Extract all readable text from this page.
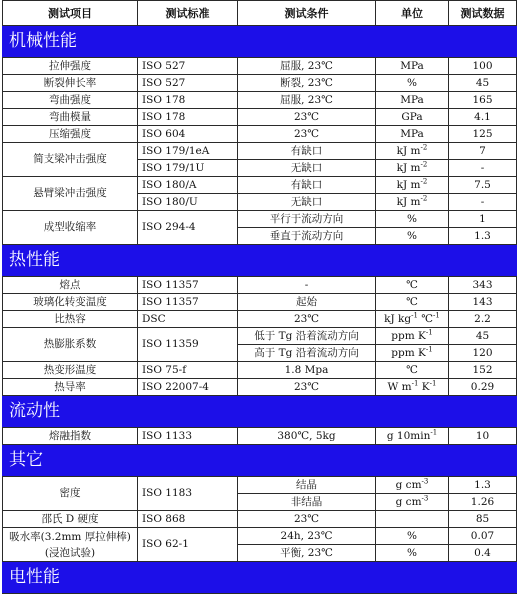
测试项目	测试标准	测试条件	单位	测试数据
机械性能				
拉伸强度	ISO 527	屈服, 23℃	MPa	100
断裂伸长率	ISO 527	断裂, 23℃	%	45
弯曲强度	ISO 178	屈服, 23℃	MPa	165
弯曲模量	ISO 178	23℃	GPa	4.1
压缩强度	ISO 604	23℃	MPa	125
简支梁冲击强度	ISO 179/1eA	有缺口	kJ $m^{-2}$	7
	ISO 179/1U	无缺口	kJ $m^{-2}$	-
悬臂梁冲击强度	ISO 180/A	有缺口	kJ $m^{-2}$	7.5
	ISO 180/U	无缺口	kJ $m^{-2}$	-
成型收缩率	ISO 294-4	平行于流动方向	%	1
		垂直于流动方向	%	1.3
热性能				
熔点	ISO 11357	-	℃	343
玻璃化转变温度	ISO 11357	起始	℃	143
比热容	DSC	23℃	kJ $kg^{-1}$ ℃$^{-1}$	2.2
热膨胀系数	ISO 11359	低于 Tg 沿着流动方向	ppm $K^{-1}$	45
		高于 Tg 沿着流动方向	ppm $K^{-1}$	120
热变形温度	ISO 75-f	1.8 Mpa	℃	152
热导率	ISO 22007-4	23℃	W $m^{-1}$ $K^{-1}$	0.29
流动性				
熔融指数	ISO 1133	380℃, 5kg	g $10\min^{-1}$	10
其它				
密度	ISO 1183	结晶	g $cm^{-3}$	1.3
		非结晶	g $cm^{-3}$	1.26
邵氏 D 硬度	ISO 868	23℃		85

吸水率(3.2mm 厚拉伸棒)
(浸泡试验)	ISO 62-1	24h, 23℃	%	0.07
		平衡, 23℃	%	0.4
电性能				
